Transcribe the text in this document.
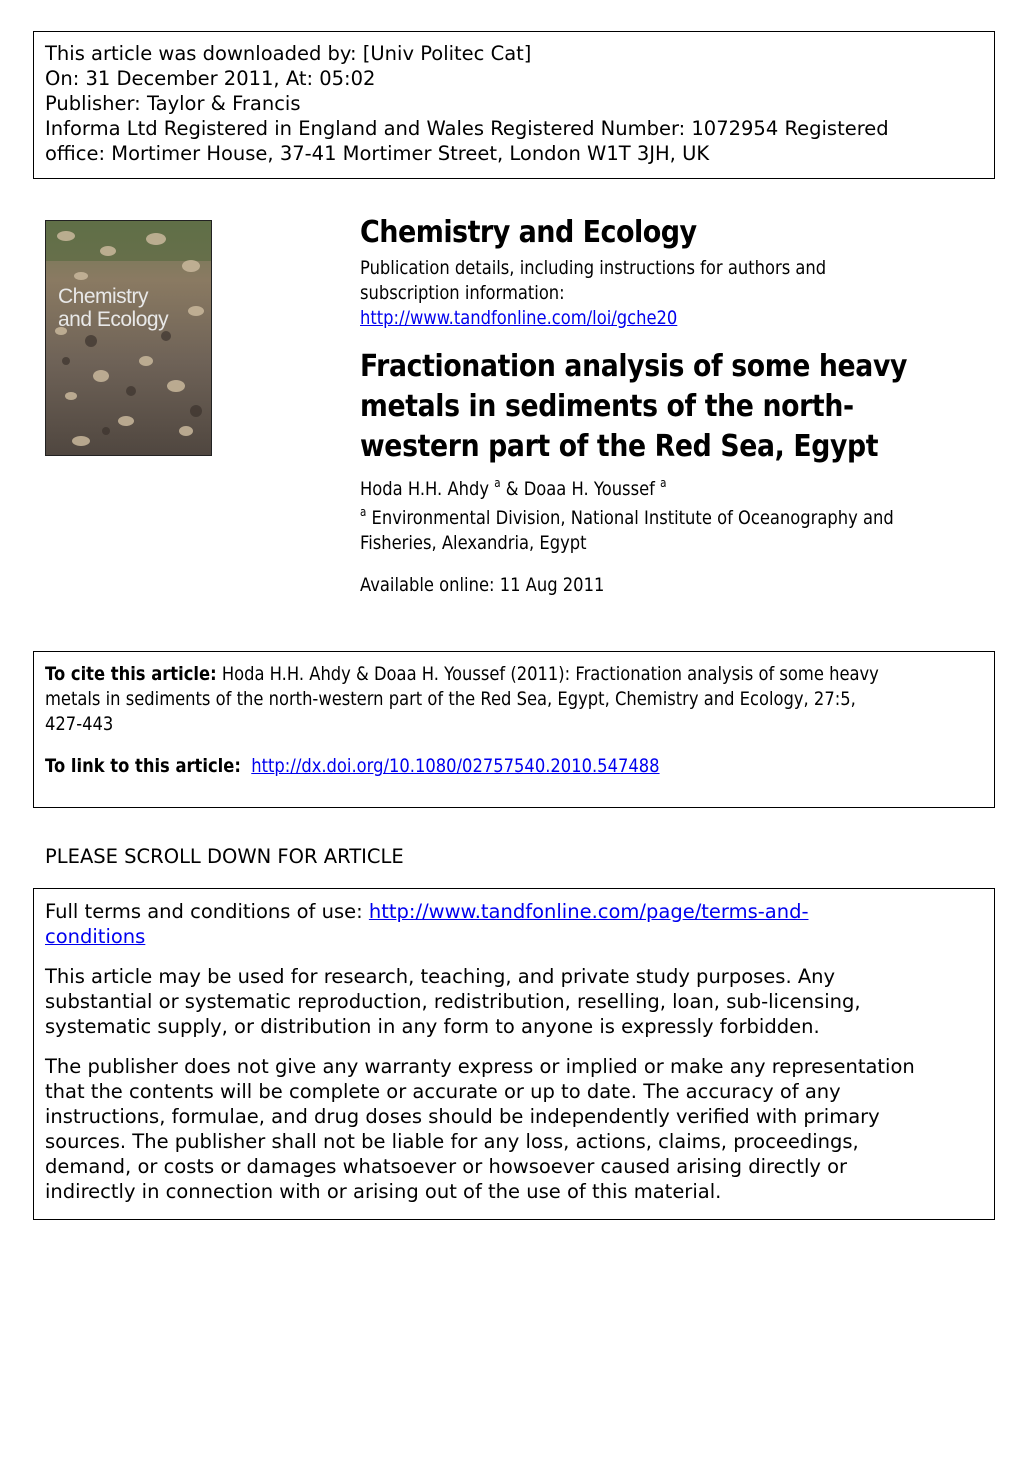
This article was downloaded by: [Univ Politec Cat]
On: 31 December 2011, At: 05:02
Publisher: Taylor & Francis
Informa Ltd Registered in England and Wales Registered Number: 1072954 Registered
office: Mortimer House, 37-41 Mortimer Street, London W1T 3JH, UK
Chemistry
and Ecology
Chemistry and Ecology
Publication details, including instructions for authors and
subscription information:
http://www.tandfonline.com/loi/gche20
Fractionation analysis of some heavy
metals in sediments of the north-
western part of the Red Sea, Egypt
Hoda H.H. Ahdy $^a$ & Doaa H. Youssef $^a$
$^a$ Environmental Division, National Institute of Oceanography and
Fisheries, Alexandria, Egypt
Available online: 11 Aug 2011
To cite this article: Hoda H.H. Ahdy & Doaa H. Youssef (2011): Fractionation analysis of some heavy
metals in sediments of the north-western part of the Red Sea, Egypt, Chemistry and Ecology, 27:5,
427-443
To link to this article: http://dx.doi.org/10.1080/02757540.2010.547488
PLEASE SCROLL DOWN FOR ARTICLE
Full terms and conditions of use: http://www.tandfonline.com/page/terms-and-
conditions
This article may be used for research, teaching, and private study purposes. Any
substantial or systematic reproduction, redistribution, reselling, loan, sub-licensing,
systematic supply, or distribution in any form to anyone is expressly forbidden.
The publisher does not give any warranty express or implied or make any representation
that the contents will be complete or accurate or up to date. The accuracy of any
instructions, formulae, and drug doses should be independently verified with primary
sources. The publisher shall not be liable for any loss, actions, claims, proceedings,
demand, or costs or damages whatsoever or howsoever caused arising directly or
indirectly in connection with or arising out of the use of this material.
